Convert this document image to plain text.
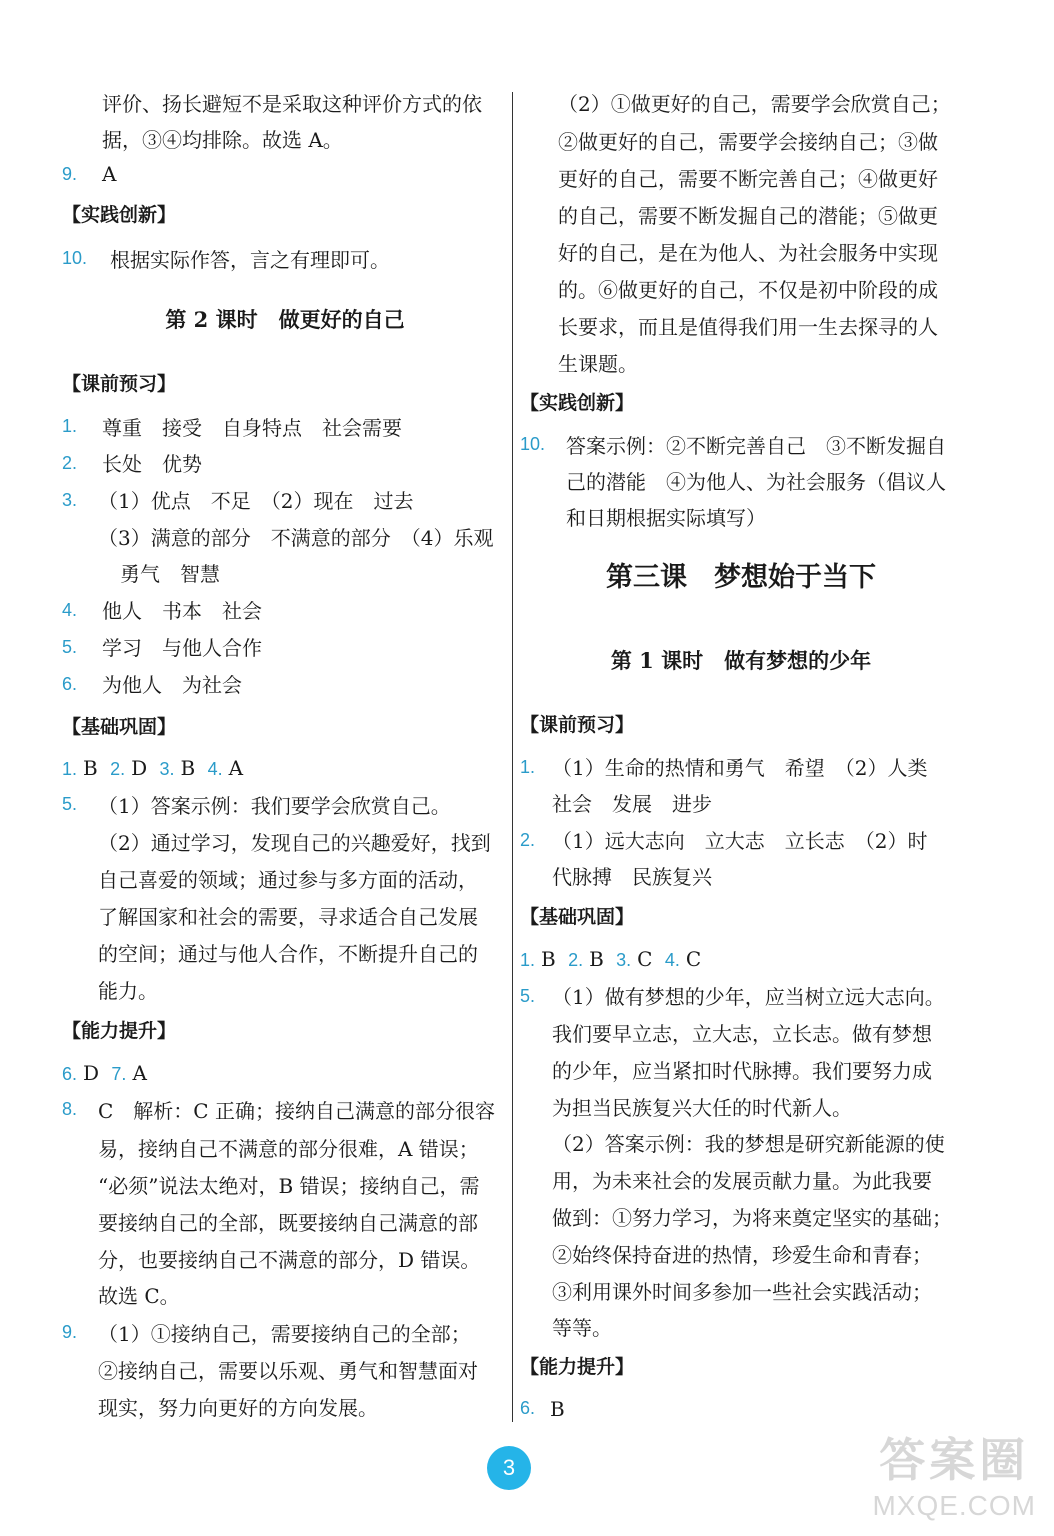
评价、扬长避短不是采取这种评价方式的依
据，③④均排除。故选 A。
9. A
【实践创新】
10. 根据实际作答，言之有理即可。
第 2 课时　做更好的自己
【课前预习】
1. 尊重　接受　自身特点　社会需要
2. 长处　优势
3. （1）优点　不足　（2）现在　过去
（3）满意的部分　不满意的部分　（4）乐观
勇气　智慧
4. 他人　书本　社会
5. 学习　与他人合作
6. 为他人　为社会
【基础巩固】
1. B 2. D 3. B 4. A
5. （1）答案示例：我们要学会欣赏自己。
（2）通过学习，发现自己的兴趣爱好，找到
自己喜爱的领域；通过参与多方面的活动，
了解国家和社会的需要，寻求适合自己发展
的空间；通过与他人合作，不断提升自己的
能力。
【能力提升】
6. D 7. A
8. C　解析：C 正确；接纳自己满意的部分很容
易，接纳自己不满意的部分很难，A 错误；
“必须”说法太绝对，B 错误；接纳自己，需
要接纳自己的全部，既要接纳自己满意的部
分，也要接纳自己不满意的部分，D 错误。
故选 C。
9. （1）①接纳自己，需要接纳自己的全部；
②接纳自己，需要以乐观、勇气和智慧面对
现实，努力向更好的方向发展。
（2）①做更好的自己，需要学会欣赏自己；
②做更好的自己，需要学会接纳自己；③做
更好的自己，需要不断完善自己；④做更好
的自己，需要不断发掘自己的潜能；⑤做更
好的自己，是在为他人、为社会服务中实现
的。⑥做更好的自己，不仅是初中阶段的成
长要求，而且是值得我们用一生去探寻的人
生课题。
【实践创新】
10. 答案示例：②不断完善自己　③不断发掘自
己的潜能　④为他人、为社会服务（倡议人
和日期根据实际填写）
第三课　梦想始于当下
第 1 课时　做有梦想的少年
【课前预习】
1. （1）生命的热情和勇气　希望　（2）人类
社会　发展　进步
2. （1）远大志向　立大志　立长志　（2）时
代脉搏　民族复兴
【基础巩固】
1. B 2. B 3. C 4. C
5. （1）做有梦想的少年，应当树立远大志向。
我们要早立志，立大志，立长志。做有梦想
的少年，应当紧扣时代脉搏。我们要努力成
为担当民族复兴大任的时代新人。
（2）答案示例：我的梦想是研究新能源的使
用，为未来社会的发展贡献力量。为此我要
做到：①努力学习，为将来奠定坚实的基础；
②始终保持奋进的热情，珍爱生命和青春；
③利用课外时间多参加一些社会实践活动；
等等。
【能力提升】
6. B
3	答案圈
MXQE.COM
